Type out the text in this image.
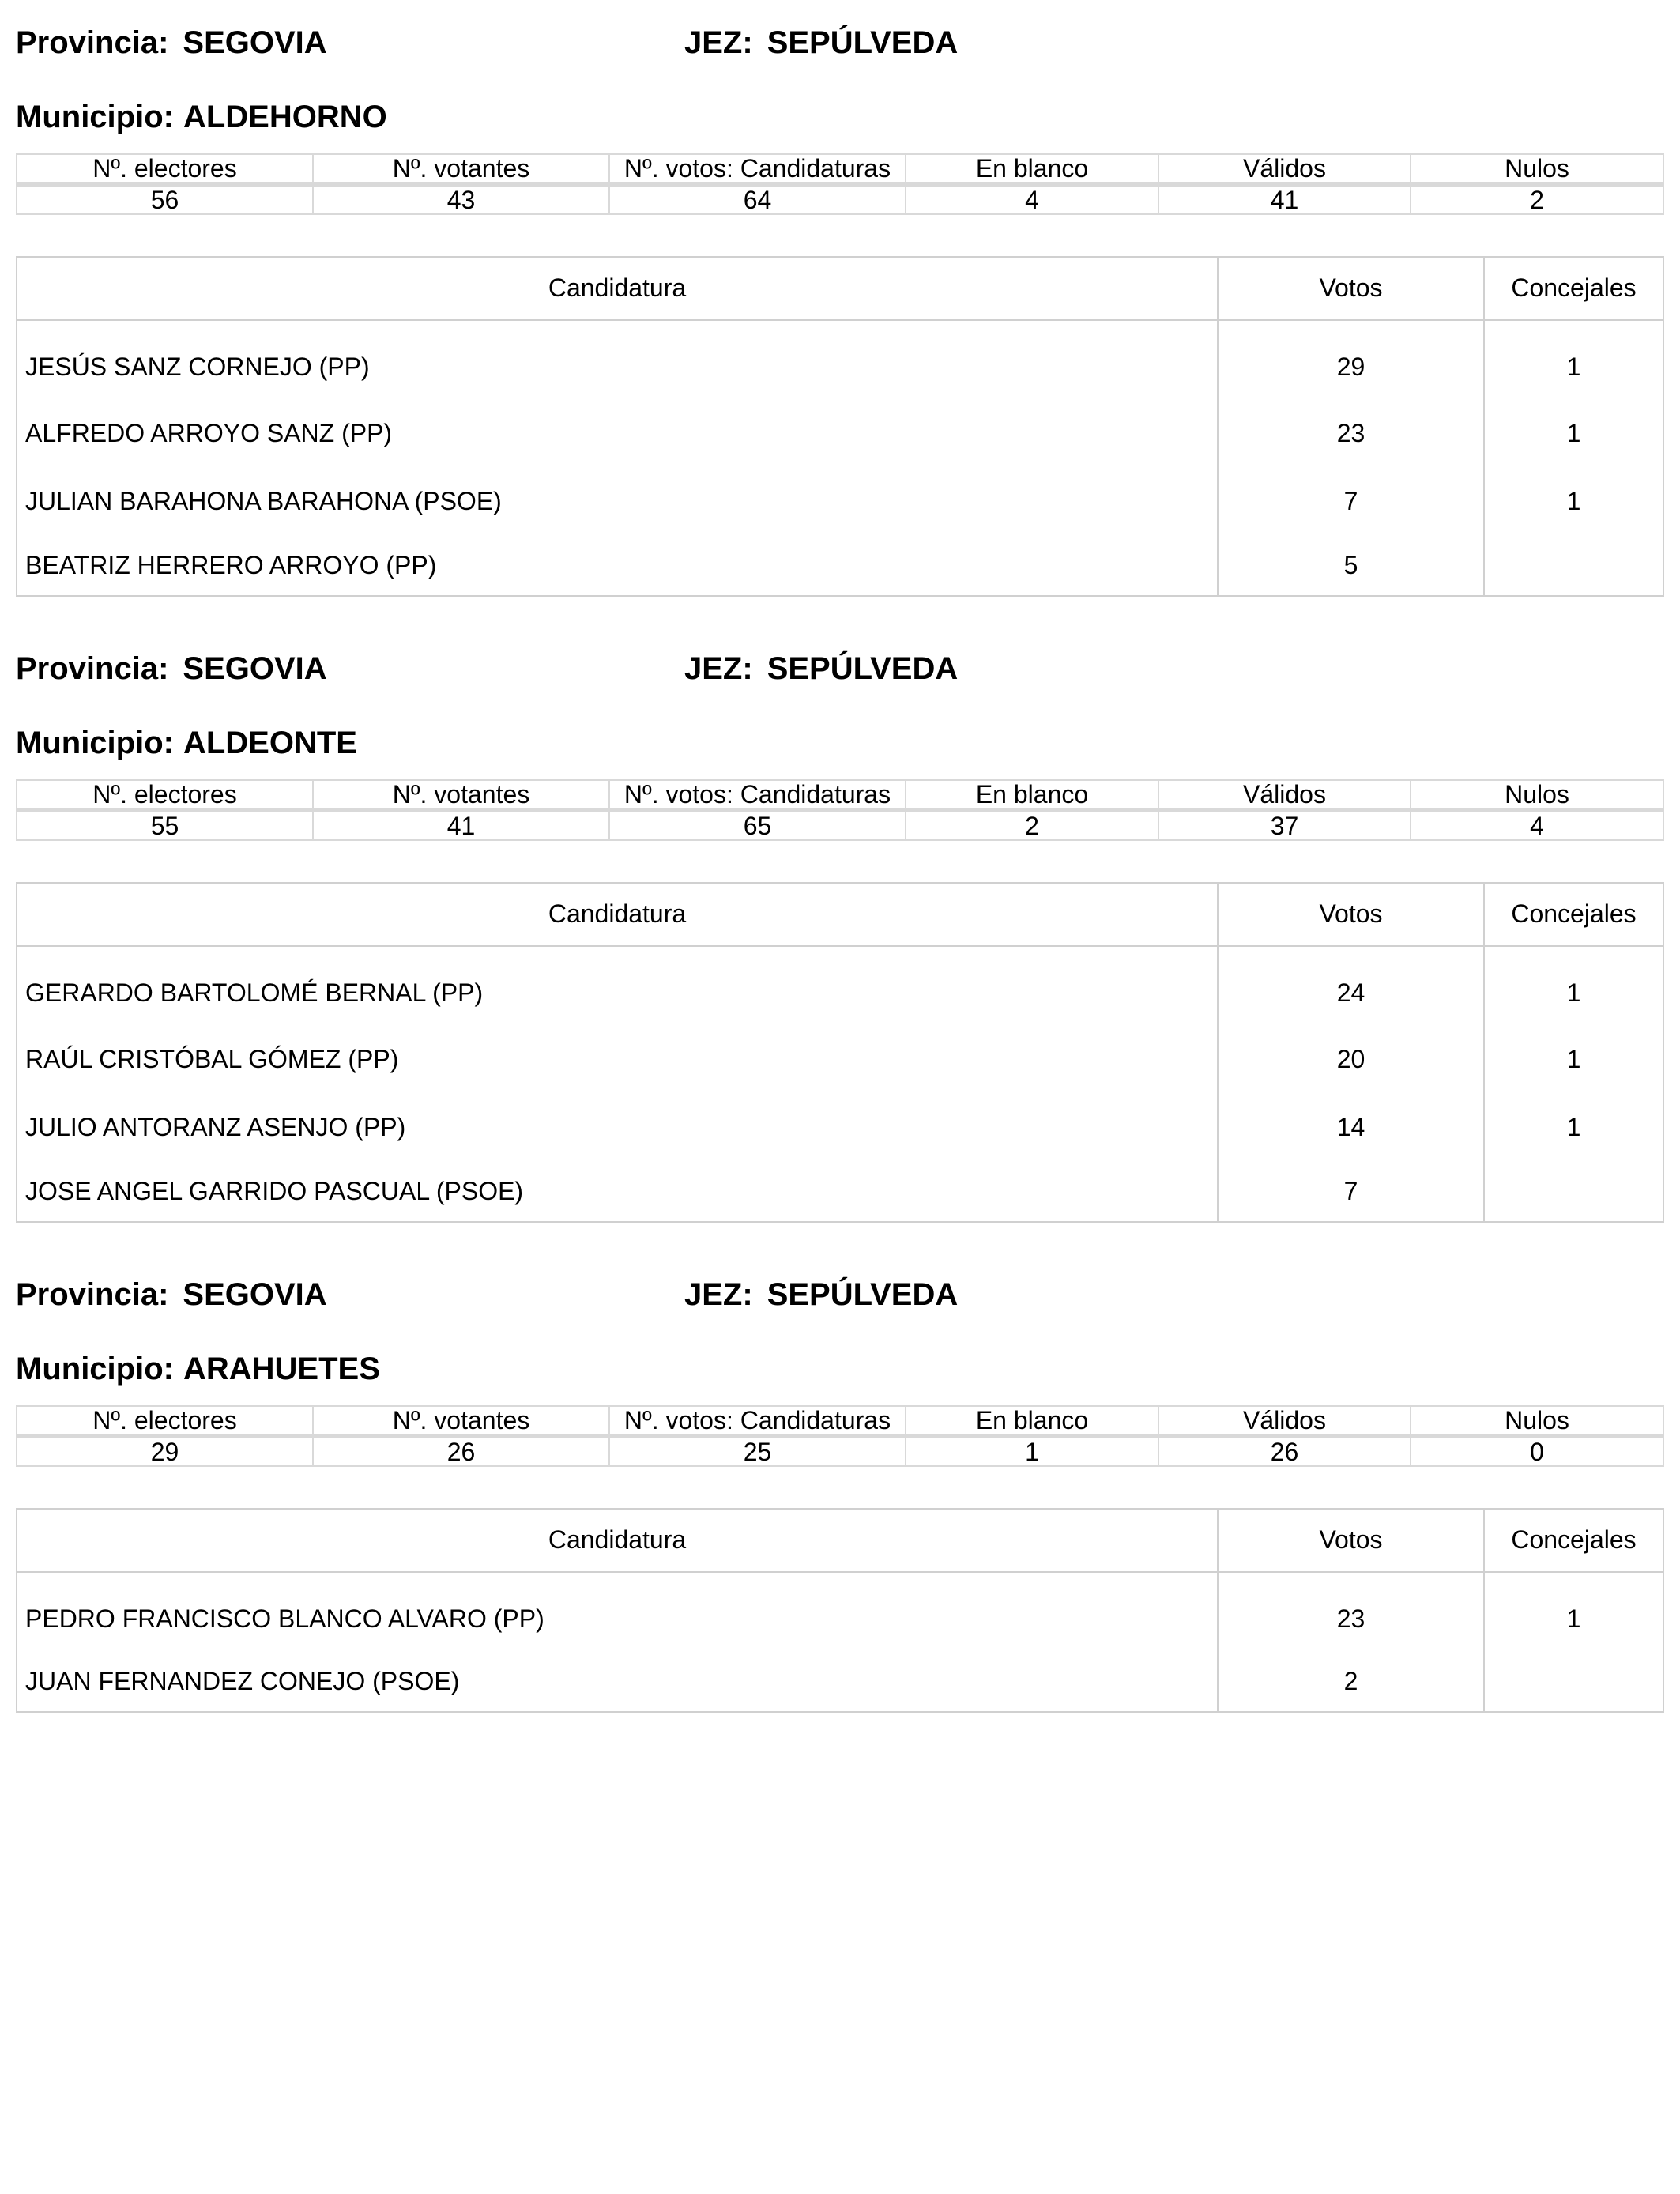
Provincia: SEGOVIA	JEZ: SEPÚLVEDA
Municipio: ALDEHORNO
Nº. electores	Nº. votantes	Nº. votos: Candidaturas	En blanco	Válidos	Nulos
56	43	64	4	41	2
Candidatura	Votos	Concejales
JESÚS SANZ CORNEJO (PP)	29	1
ALFREDO ARROYO SANZ (PP)	23	1
JULIAN BARAHONA BARAHONA (PSOE)	7	1
BEATRIZ HERRERO ARROYO (PP)	5	
Provincia: SEGOVIA	JEZ: SEPÚLVEDA
Municipio: ALDEONTE
Nº. electores	Nº. votantes	Nº. votos: Candidaturas	En blanco	Válidos	Nulos
55	41	65	2	37	4
Candidatura	Votos	Concejales
GERARDO BARTOLOMÉ BERNAL (PP)	24	1
RAÚL CRISTÓBAL GÓMEZ (PP)	20	1
JULIO ANTORANZ ASENJO (PP)	14	1
JOSE ANGEL GARRIDO PASCUAL (PSOE)	7	
Provincia: SEGOVIA	JEZ: SEPÚLVEDA
Municipio: ARAHUETES
Nº. electores	Nº. votantes	Nº. votos: Candidaturas	En blanco	Válidos	Nulos
29	26	25	1	26	0
Candidatura	Votos	Concejales
PEDRO FRANCISCO BLANCO ALVARO (PP)	23	1
JUAN FERNANDEZ CONEJO (PSOE)	2	
